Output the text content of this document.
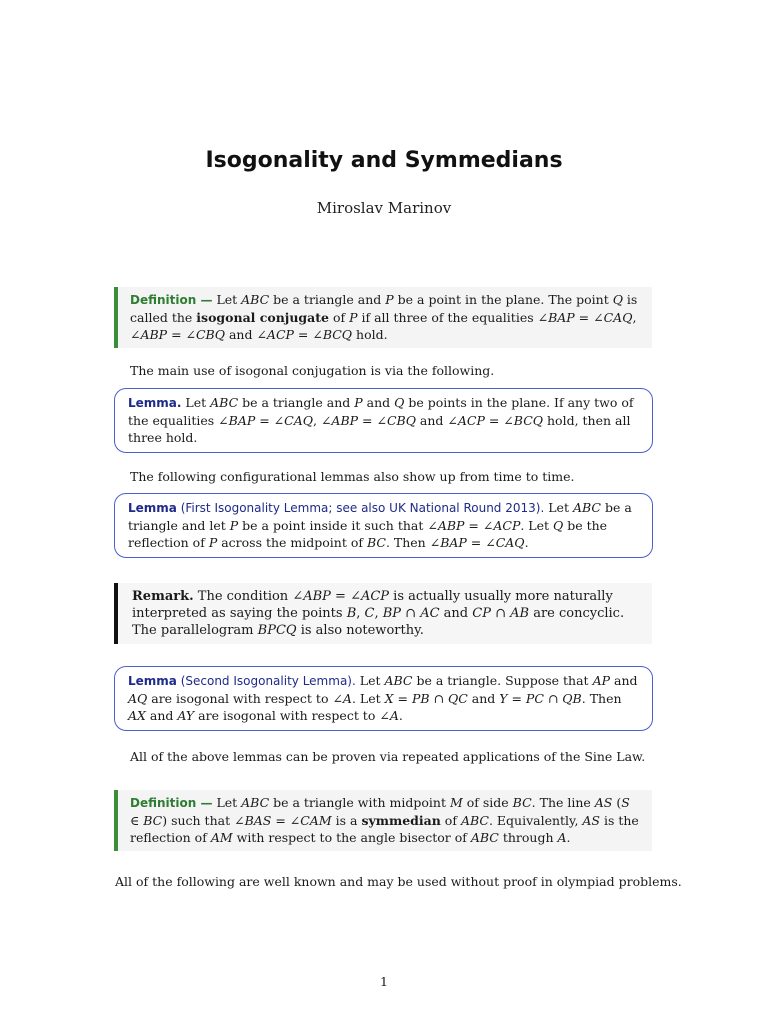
Isogonality and Symmedians
Miroslav Marinov
Definition — Let ABC be a triangle and P be a point in the plane. The point Q is called the isogonal conjugate of P if all three of the equalities ∠BAP = ∠CAQ, ∠ABP = ∠CBQ and ∠ACP = ∠BCQ hold.
The main use of isogonal conjugation is via the following.
Lemma. Let ABC be a triangle and P and Q be points in the plane. If any two of the equalities ∠BAP = ∠CAQ, ∠ABP = ∠CBQ and ∠ACP = ∠BCQ hold, then all three hold.
The following configurational lemmas also show up from time to time.
Lemma (First Isogonality Lemma; see also UK National Round 2013). Let ABC be a triangle and let P be a point inside it such that ∠ABP = ∠ACP. Let Q be the reflection of P across the midpoint of BC. Then ∠BAP = ∠CAQ.
Remark. The condition ∠ABP = ∠ACP is actually usually more naturally interpreted as saying the points B, C, BP ∩ AC and CP ∩ AB are concyclic. The parallelogram BPCQ is also noteworthy.
Lemma (Second Isogonality Lemma). Let ABC be a triangle. Suppose that AP and AQ are isogonal with respect to ∠A. Let X = PB ∩ QC and Y = PC ∩ QB. Then AX and AY are isogonal with respect to ∠A.
All of the above lemmas can be proven via repeated applications of the Sine Law.
Definition — Let ABC be a triangle with midpoint M of side BC. The line AS (S ∈ BC) such that ∠BAS = ∠CAM is a symmedian of ABC. Equivalently, AS is the reflection of AM with respect to the angle bisector of ABC through A.
All of the following are well known and may be used without proof in olympiad problems.
1
